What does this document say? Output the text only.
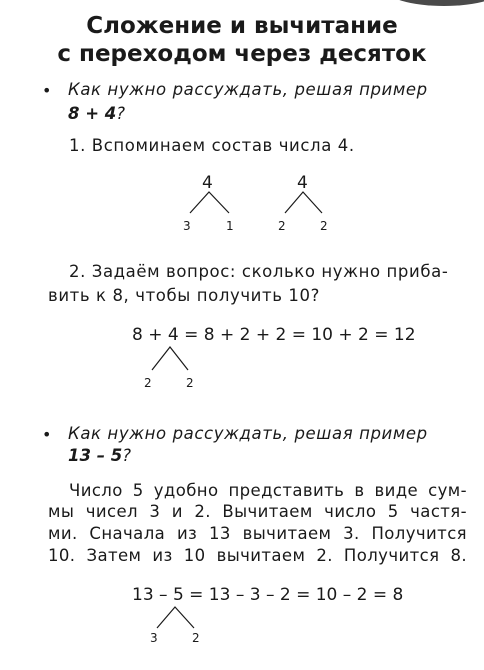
Сложение и вычитание
с переходом через десяток
• Как нужно рассуждать, решая пример
8 + 4?
1. Вспоминаем состав числа 4.
4
3	1
4
2	2
2. Задаём вопрос: сколько нужно приба-
вить к 8, чтобы получить 10?
8 + 4 = 8 + 2 + 2 = 10 + 2 = 12
2	2
• Как нужно рассуждать, решая пример
13 – 5?
Число 5 удобно представить в виде сум-
мы чисел 3 и 2. Вычитаем число 5 частя-
ми. Сначала из 13 вычитаем 3. Получится
10. Затем из 10 вычитаем 2. Получится 8.
13 – 5 = 13 – 3 – 2 = 10 – 2 = 8
3	2
